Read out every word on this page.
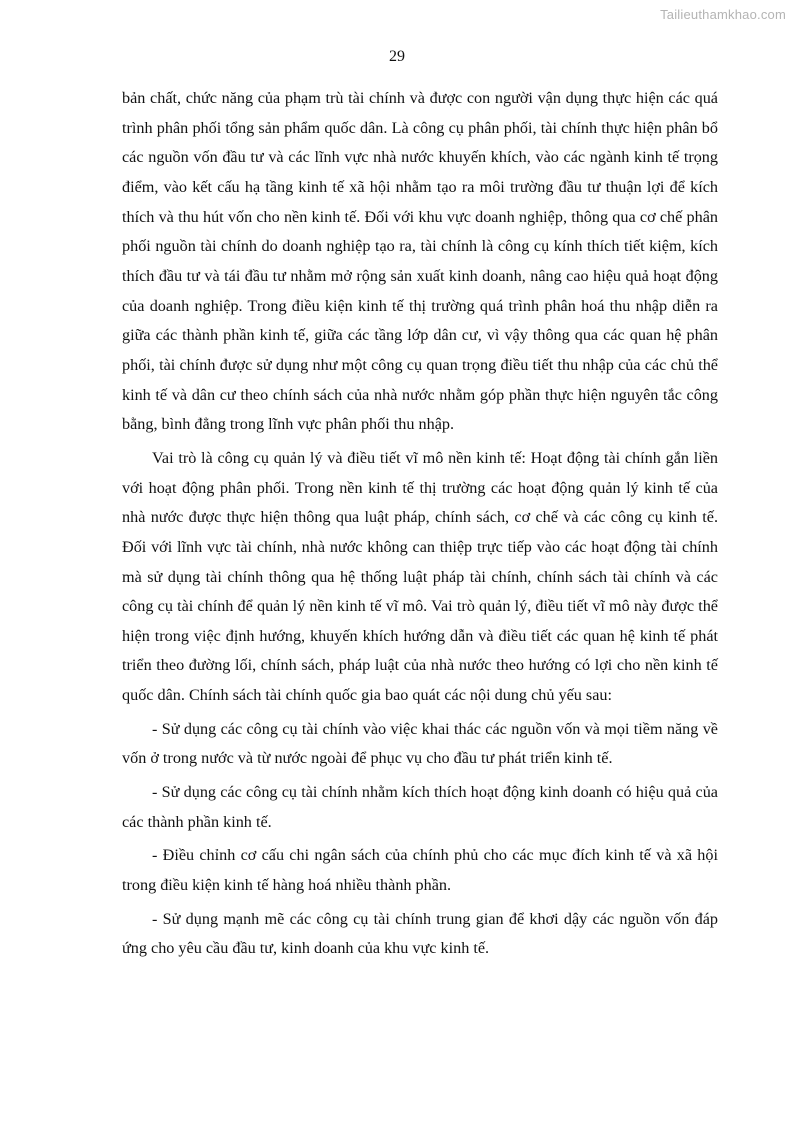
Tailieuthamkhao.com
29

bản chất, chức năng của phạm trù tài chính và được con người vận dụng thực hiện các quá trình phân phối tổng sản phẩm quốc dân. Là công cụ phân phối, tài chính thực hiện phân bổ các nguồn vốn đầu tư và các lĩnh vực nhà nước khuyến khích, vào các ngành kinh tế trọng điểm, vào kết cấu hạ tầng kinh tế xã hội nhằm tạo ra môi trường đầu tư thuận lợi để kích thích và thu hút vốn cho nền kinh tế. Đối với khu vực doanh nghiệp, thông qua cơ chế phân phối nguồn tài chính do doanh nghiệp tạo ra, tài chính là công cụ kính thích tiết kiệm, kích thích đầu tư và tái đầu tư nhằm mở rộng sản xuất kinh doanh, nâng cao hiệu quả hoạt động của doanh nghiệp. Trong điều kiện kinh tế thị trường quá trình phân hoá thu nhập diễn ra giữa các thành phần kinh tế, giữa các tầng lớp dân cư, vì vậy thông qua các quan hệ phân phối, tài chính được sử dụng như một công cụ quan trọng điều tiết thu nhập của các chủ thể kinh tế và dân cư theo chính sách của nhà nước nhằm góp phần thực hiện nguyên tắc công bằng, bình đẳng trong lĩnh vực phân phối thu nhập.

Vai trò là công cụ quản lý và điều tiết vĩ mô nền kinh tế: Hoạt động tài chính gắn liền với hoạt động phân phối. Trong nền kinh tế thị trường các hoạt động quản lý kinh tế của nhà nước được thực hiện thông qua luật pháp, chính sách, cơ chế và các công cụ kinh tế. Đối với lĩnh vực tài chính, nhà nước không can thiệp trực tiếp vào các hoạt động tài chính mà sử dụng tài chính thông qua hệ thống luật pháp tài chính, chính sách tài chính và các công cụ tài chính để quản lý nền kinh tế vĩ mô. Vai trò quản lý, điều tiết vĩ mô này được thể hiện trong việc định hướng, khuyến khích hướng dẫn và điều tiết các quan hệ kinh tế phát triển theo đường lối, chính sách, pháp luật của nhà nước theo hướng có lợi cho nền kinh tế quốc dân. Chính sách tài chính quốc gia bao quát các nội dung chủ yếu sau:

- Sử dụng các công cụ tài chính vào việc khai thác các nguồn vốn và mọi tiềm năng về vốn ở trong nước và từ nước ngoài để phục vụ cho đầu tư phát triển kinh tế.

- Sử dụng các công cụ tài chính nhằm kích thích hoạt động kinh doanh có hiệu quả của các thành phần kinh tế.

- Điều chỉnh cơ cấu chi ngân sách của chính phủ cho các mục đích kinh tế và xã hội trong điều kiện kinh tế hàng hoá nhiều thành phần.

- Sử dụng mạnh mẽ các công cụ tài chính trung gian để khơi dậy các nguồn vốn đáp ứng cho yêu cầu đầu tư, kinh doanh của khu vực kinh tế.
